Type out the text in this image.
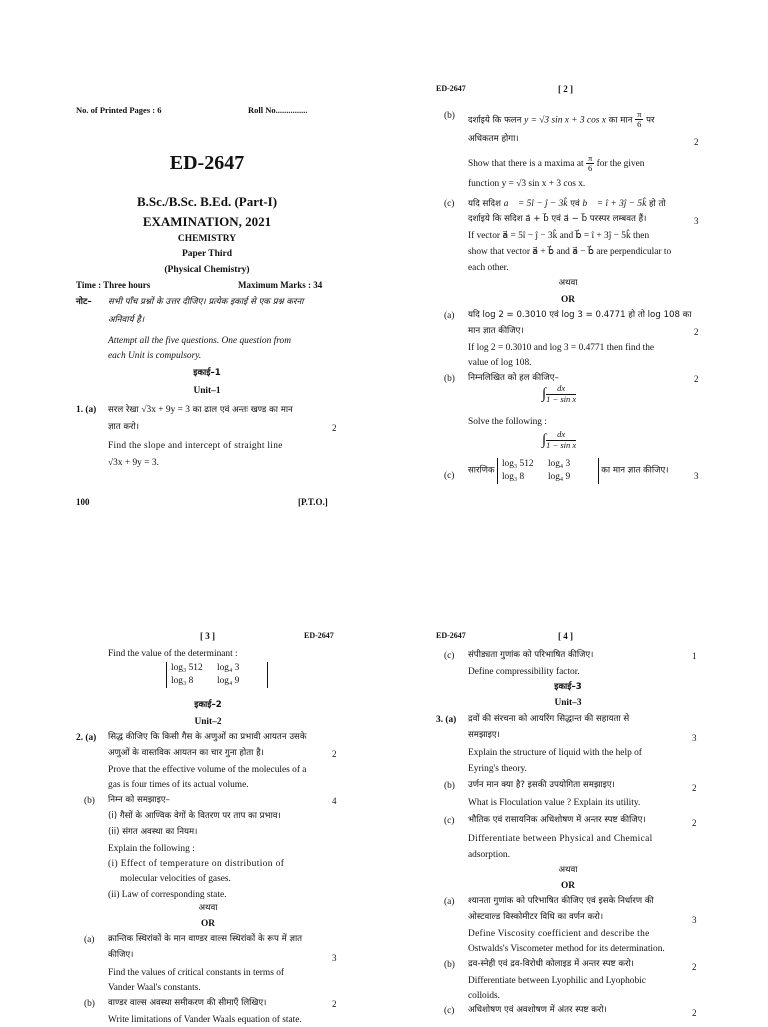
No. of Printed Pages : 6	Roll No...............
ED-2647
B.Sc./B.Sc. B.Ed. (Part-I)
EXAMINATION, 2021
CHEMISTRY
Paper Third
(Physical Chemistry)
Time : Three hours	Maximum Marks : 34
नोट– सभी पाँच प्रश्नों के उत्तर दीजिए। प्रत्येक इकाई से एक प्रश्न करना
अनिवार्य है।
Attempt all the five questions. One question from
each Unit is compulsory.
इकाई–1
Unit–1
1. (a) सरल रेखा √3x + 9y = 3 का ढाल एवं अन्तः खण्ड का मान
ज्ञात करो।	2
Find the slope and intercept of straight line
√3x + 9y = 3.
100	[P.T.O.]
ED-2647	[ 2 ]
(b) दर्शाइये कि फलन y = √3 sin x + 3 cos x का मान $\frac{\pi}{6}$ पर
अधिकतम होगा।	2
Show that there is a maxima at $\frac{\pi}{6}$ for the given
function y = √3 sin x + 3 cos x.
(c) यदि सदिश a⃗ = 5î − ĵ − 3k̂ एवं b⃗ = î + 3ĵ − 5k̂ हो तो
दर्शाइये कि सदिश a⃗ + b⃗ एवं a⃗ − b⃗ परस्पर लम्बवत हैं।	3
If vector a⃗ = 5î − ĵ − 3k̂ and b⃗ = î + 3ĵ − 5k̂ then
show that vector a⃗ + b⃗ and a⃗ − b⃗ are perpendicular to
each other.
अथवा
OR
(a) यदि log 2 = 0.3010 एवं log 3 = 0.4771 हो तो log 108 का
मान ज्ञात कीजिए।	2
If log 2 = 0.3010 and log 3 = 0.4771 then find the
value of log 108.
(b) निम्नलिखित को हल कीजिए–	2
∫ $\frac{dx}{\text{1 − sin x}}$
Solve the following :
∫ $\frac{dx}{\text{1 − sin x}}$
(c)
सारणिक log₃ 512 log₄ 3
log₃ 8	log₄ 9 का मान ज्ञात कीजिए।
3
[ 3 ]	ED-2647
Find the value of the determinant :
log₃ 512 log₄ 3
log₃ 8	log₄ 9
इकाई–2
Unit–2
2. (a) सिद्ध कीजिए कि किसी गैस के अणुओं का प्रभावी आयतन उसके
अणुओं के वास्तविक आयतन का चार गुना होता है।	2
Prove that the effective volume of the molecules of a
gas is four times of its actual volume.
(b) निम्न को समझाइए–	4
(i) गैसों के आण्विक वेगों के वितरण पर ताप का प्रभाव।
(ii) संगत अवस्था का नियम।
Explain the following :
(i) Effect of temperature on distribution of
molecular velocities of gases.
(ii) Law of corresponding state.
अथवा
OR
(a) क्रान्तिक स्थिरांकों के मान वाण्डर वाल्स स्थिरांकों के रूप में ज्ञात
कीजिए।	3
Find the values of critical constants in terms of
Vander Waal's constants.
(b) वाण्डर वाल्स अवस्था समीकरण की सीमाएँ लिखिए।	2
Write limitations of Vander Waals equation of state.
ED-2647	[ 4 ]
(c) संपीड्यता गुणांक को परिभाषित कीजिए।	1
Define compressibility factor.
इकाई–3
Unit–3
3. (a) द्रवों की संरचना को आयरिंग सिद्धान्त की सहायता से
समझाइए।	3
Explain the structure of liquid with the help of
Eyring's theory.
(b) उर्णन मान क्या है? इसकी उपयोगिता समझाइए।	2
What is Floculation value ? Explain its utility.
(c) भौतिक एवं रासायनिक अधिशोषण में अन्तर स्पष्ट कीजिए।	2
Differentiate between Physical and Chemical
adsorption.
अथवा
OR
(a) श्यानता गुणांक को परिभाषित कीजिए एवं इसके निर्धारण की
ओस्टवाल्ड विस्कोमीटर विधि का वर्णन करो।	3
Define Viscosity coefficient and describe the
Ostwalds's Viscometer method for its determination.
(b) द्रव-स्नेही एवं द्रव-विरोधी कोलाइड में अन्तर स्पष्ट करो।	2
Differentiate between Lyophilic and Lyophobic
colloids.
(c) अधिशोषण एवं अवशोषण में अंतर स्पष्ट करो।	2
